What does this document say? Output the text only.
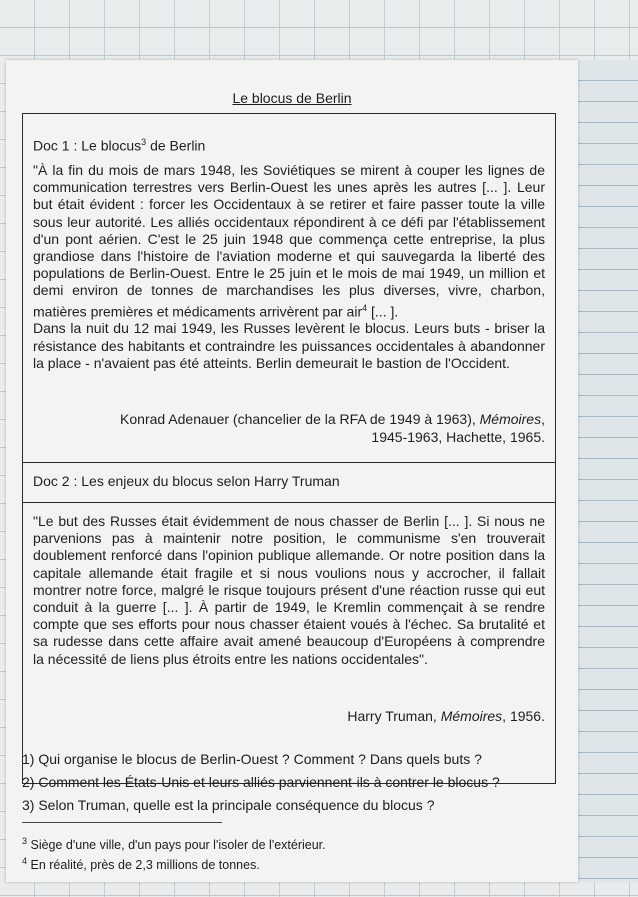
Le blocus de Berlin
Doc 1 : Le blocus$^3$ de Berlin
"À la fin du mois de mars 1948, les Soviétiques se mirent à couper les lignes de communication terrestres vers Berlin-Ouest les unes après les autres [... ]. Leur but était évident : forcer les Occidentaux à se retirer et faire passer toute la ville sous leur autorité. Les alliés occidentaux répondirent à ce défi par l'établissement d'un pont aérien. C'est le 25 juin 1948 que commença cette entreprise, la plus grandiose dans l'histoire de l'aviation moderne et qui sauvegarda la liberté des populations de Berlin-Ouest. Entre le 25 juin et le mois de mai 1949, un million et demi environ de tonnes de marchandises les plus diverses, vivre, charbon, matières premières et médicaments arrivèrent par air$^4$ [... ].
Dans la nuit du 12 mai 1949, les Russes levèrent le blocus. Leurs buts - briser la résistance des habitants et contraindre les puissances occidentales à abandonner la place - n'avaient pas été atteints. Berlin demeurait le bastion de l'Occident.
Konrad Adenauer (chancelier de la RFA de 1949 à 1963), Mémoires,
1945-1963, Hachette, 1965.
Doc 2 : Les enjeux du blocus selon Harry Truman
"Le but des Russes était évidemment de nous chasser de Berlin [... ]. Si nous ne parvenions pas à maintenir notre position, le communisme s'en trouverait doublement renforcé dans l'opinion publique allemande. Or notre position dans la capitale allemande était fragile et si nous voulions nous y accrocher, il fallait montrer notre force, malgré le risque toujours présent d'une réaction russe qui eut conduit à la guerre [... ]. À partir de 1949, le Kremlin commençait à se rendre compte que ses efforts pour nous chasser étaient voués à l'échec. Sa brutalité et sa rudesse dans cette affaire avait amené beaucoup d'Européens à comprendre la nécessité de liens plus étroits entre les nations occidentales".
Harry Truman, Mémoires, 1956.
1) Qui organise le blocus de Berlin-Ouest ? Comment ? Dans quels buts ?
2) Comment les États-Unis et leurs alliés parviennent-ils à contrer le blocus ?
3) Selon Truman, quelle est la principale conséquence du blocus ?
$^3$ Siège d'une ville, d'un pays pour l'isoler de l'extérieur.
$^4$ En réalité, près de 2,3 millions de tonnes.
